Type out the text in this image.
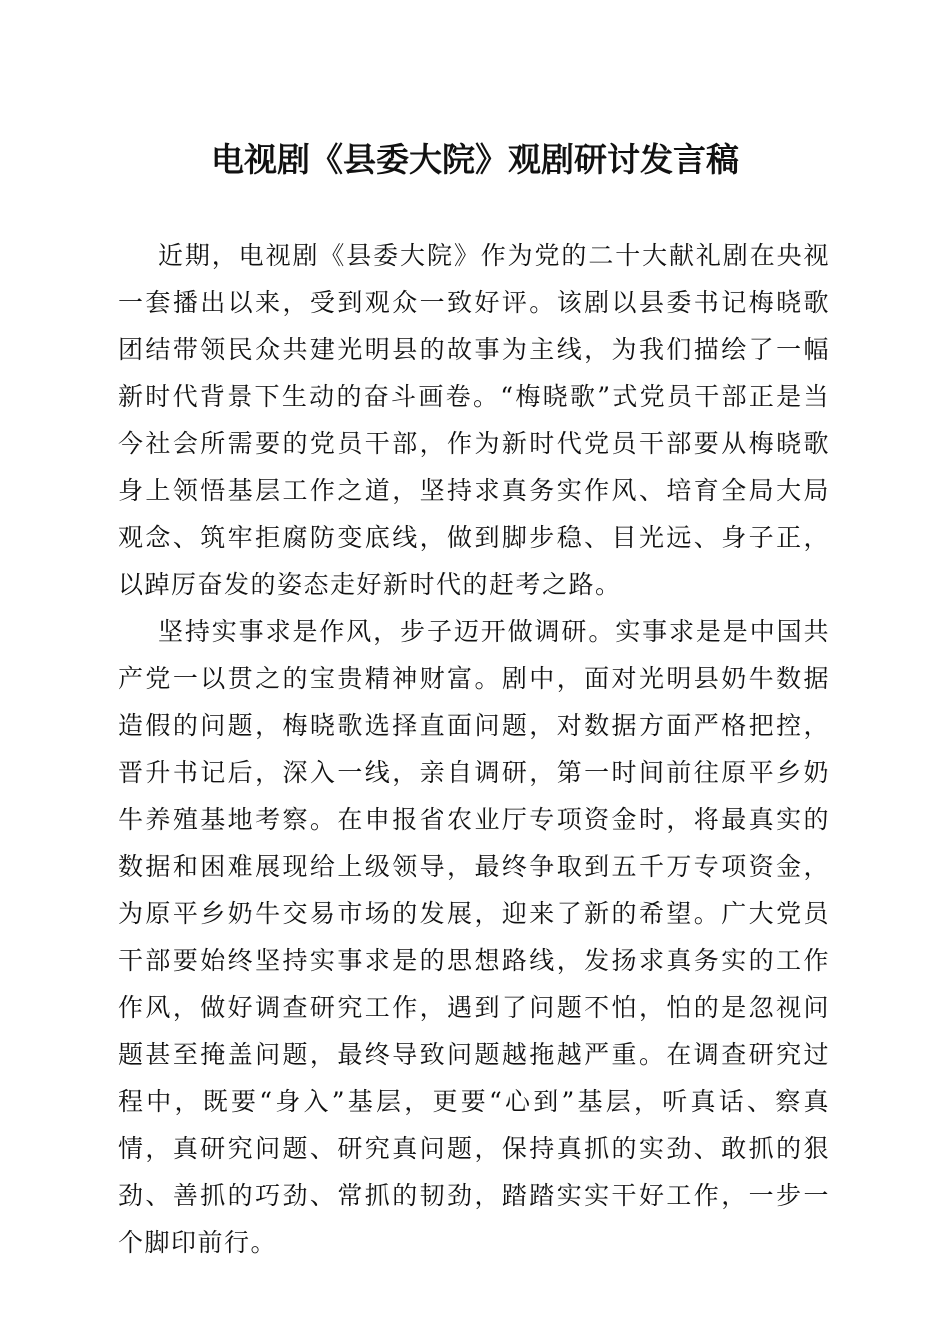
电视剧《县委大院》观剧研讨发言稿

近期，电视剧《县委大院》作为党的二十大献礼剧在央视一套播出以来，受到观众一致好评。该剧以县委书记梅晓歌团结带领民众共建光明县的故事为主线，为我们描绘了一幅新时代背景下生动的奋斗画卷。“梅晓歌”式党员干部正是当今社会所需要的党员干部，作为新时代党员干部要从梅晓歌身上领悟基层工作之道，坚持求真务实作风、培育全局大局观念、筑牢拒腐防变底线，做到脚步稳、目光远、身子正，以踔厉奋发的姿态走好新时代的赶考之路。

坚持实事求是作风，步子迈开做调研。实事求是是中国共产党一以贯之的宝贵精神财富。剧中，面对光明县奶牛数据造假的问题，梅晓歌选择直面问题，对数据方面严格把控，晋升书记后，深入一线，亲自调研，第一时间前往原平乡奶牛养殖基地考察。在申报省农业厅专项资金时，将最真实的数据和困难展现给上级领导，最终争取到五千万专项资金，为原平乡奶牛交易市场的发展，迎来了新的希望。广大党员干部要始终坚持实事求是的思想路线，发扬求真务实的工作作风，做好调查研究工作，遇到了问题不怕，怕的是忽视问题甚至掩盖问题，最终导致问题越拖越严重。在调查研究过程中，既要“身入”基层，更要“心到”基层，听真话、察真情，真研究问题、研究真问题，保持真抓的实劲、敢抓的狠劲、善抓的巧劲、常抓的韧劲，踏踏实实干好工作，一步一个脚印前行。
